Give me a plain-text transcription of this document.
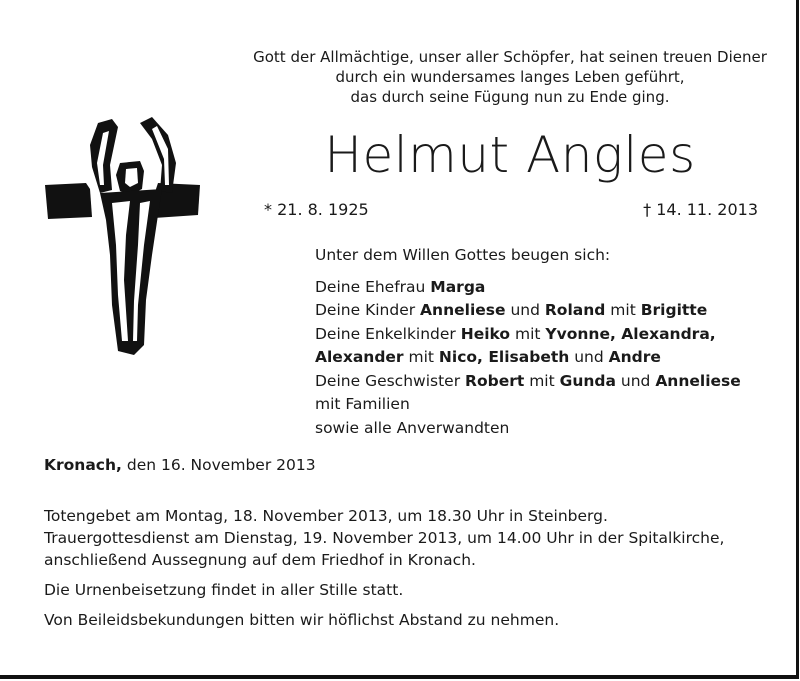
Gott der Allmächtige, unser aller Schöpfer, hat seinen treuen Diener
durch ein wundersames langes Leben geführt,
das durch seine Fügung nun zu Ende ging.
Helmut Angles
* 21. 8. 1925	† 14. 11. 2013
Unter dem Willen Gottes beugen sich:
Deine Ehefrau Marga
Deine Kinder Anneliese und Roland mit Brigitte
Deine Enkelkinder Heiko mit Yvonne, Alexandra,
Alexander mit Nico, Elisabeth und Andre
Deine Geschwister Robert mit Gunda und Anneliese
mit Familien
sowie alle Anverwandten
Kronach, den 16. November 2013
Totengebet am Montag, 18. November 2013, um 18.30 Uhr in Steinberg.
Trauergottesdienst am Dienstag, 19. November 2013, um 14.00 Uhr in der Spitalkirche,
anschließend Aussegnung auf dem Friedhof in Kronach.
Die Urnenbeisetzung findet in aller Stille statt.
Von Beileidsbekundungen bitten wir höflichst Abstand zu nehmen.
